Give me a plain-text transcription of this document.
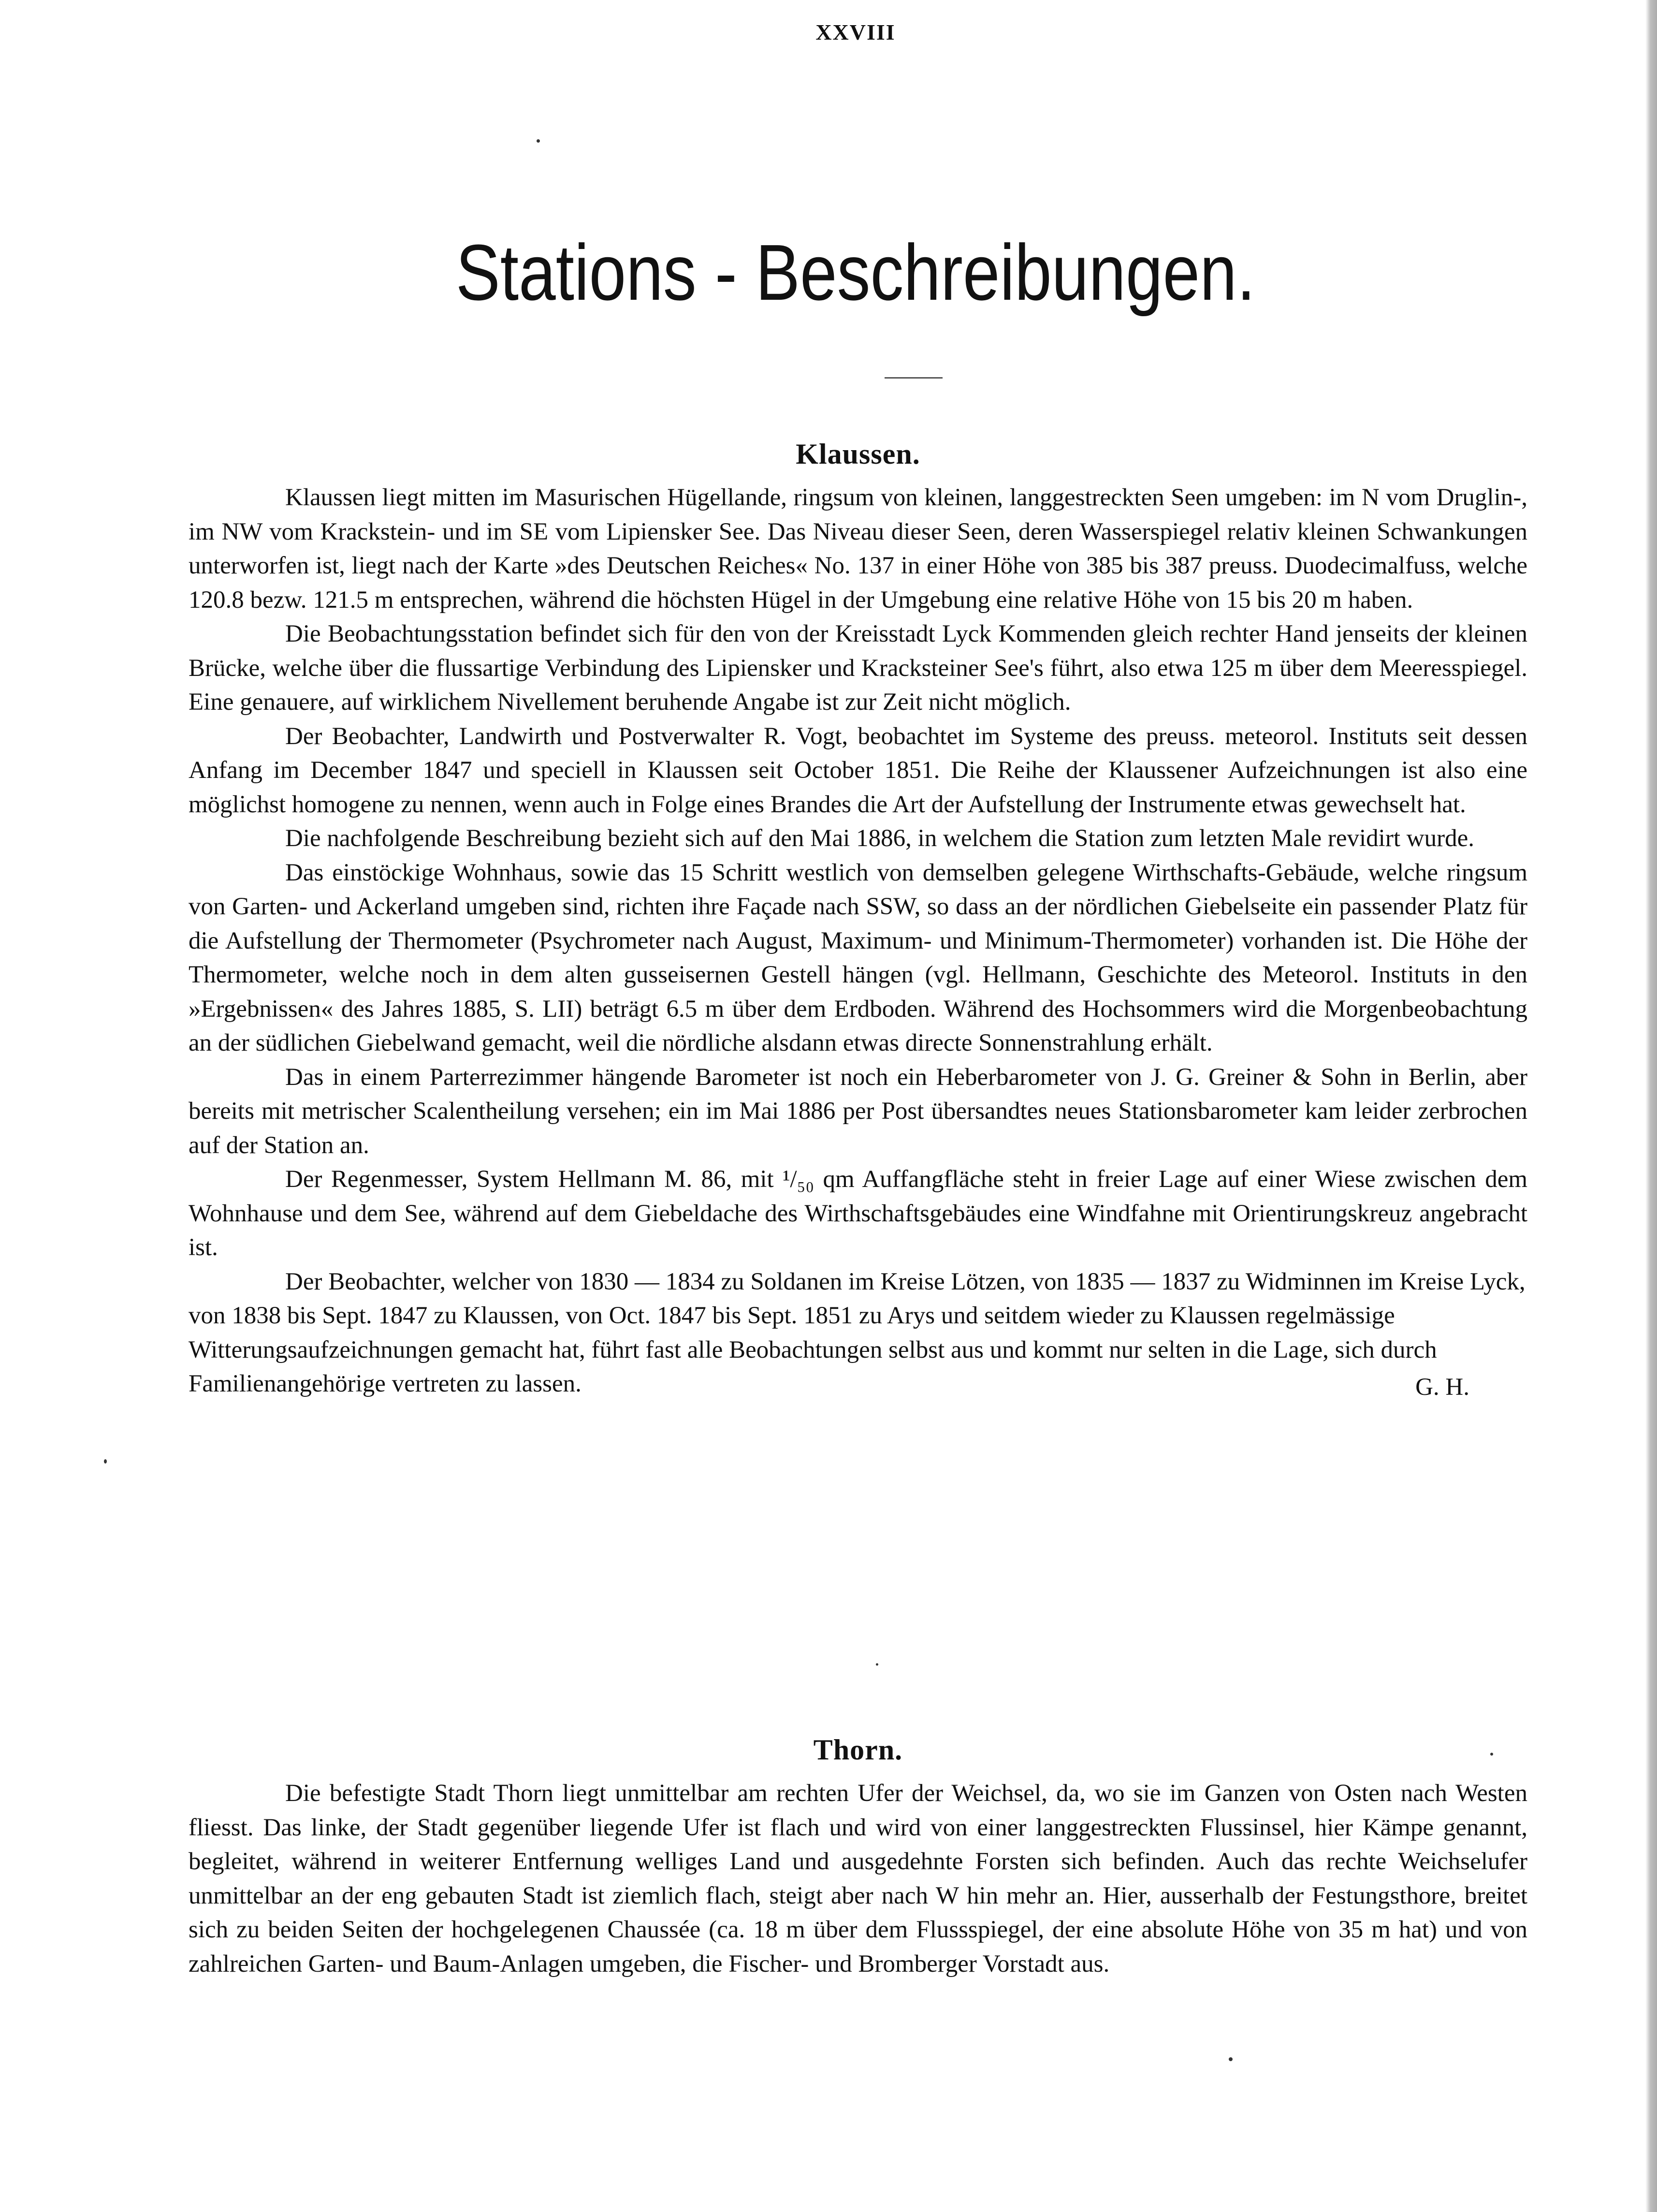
XXVIII
Stations - Beschreibungen.
Klaussen.

Klaussen liegt mitten im Masurischen Hügellande, ringsum von kleinen, langgestreckten Seen umgeben: im N vom Druglin-, im NW vom Krackstein- und im SE vom Lipiensker See. Das Niveau dieser Seen, deren Wasserspiegel relativ kleinen Schwankungen unterworfen ist, liegt nach der Karte »des Deutschen Reiches« No. 137 in einer Höhe von 385 bis 387 preuss. Duodecimalfuss, welche 120.8 bezw. 121.5 m entsprechen, während die höchsten Hügel in der Umgebung eine relative Höhe von 15 bis 20 m haben.

Die Beobachtungsstation befindet sich für den von der Kreisstadt Lyck Kommenden gleich rechter Hand jenseits der kleinen Brücke, welche über die flussartige Verbindung des Lipiensker und Kracksteiner See's führt, also etwa 125 m über dem Meeresspiegel. Eine genauere, auf wirklichem Nivellement beruhende Angabe ist zur Zeit nicht möglich.

Der Beobachter, Landwirth und Postverwalter R. Vogt, beobachtet im Systeme des preuss. meteorol. Instituts seit dessen Anfang im December 1847 und speciell in Klaussen seit October 1851. Die Reihe der Klaussener Aufzeichnungen ist also eine möglichst homogene zu nennen, wenn auch in Folge eines Brandes die Art der Aufstellung der Instrumente etwas gewechselt hat.

Die nachfolgende Beschreibung bezieht sich auf den Mai 1886, in welchem die Station zum letzten Male revidirt wurde.

Das einstöckige Wohnhaus, sowie das 15 Schritt westlich von demselben gelegene Wirthschafts-Gebäude, welche ringsum von Garten- und Ackerland umgeben sind, richten ihre Façade nach SSW, so dass an der nördlichen Giebelseite ein passender Platz für die Aufstellung der Thermometer (Psychrometer nach August, Maximum- und Minimum-Thermometer) vorhanden ist. Die Höhe der Thermometer, welche noch in dem alten gusseisernen Gestell hängen (vgl. Hellmann, Geschichte des Meteorol. Instituts in den »Ergebnissen« des Jahres 1885, S. LII) beträgt 6.5 m über dem Erdboden. Während des Hochsommers wird die Morgenbeobachtung an der südlichen Giebelwand gemacht, weil die nördliche alsdann etwas directe Sonnenstrahlung erhält.

Das in einem Parterrezimmer hängende Barometer ist noch ein Heberbarometer von J. G. Greiner & Sohn in Berlin, aber bereits mit metrischer Scalentheilung versehen; ein im Mai 1886 per Post übersandtes neues Stationsbarometer kam leider zerbrochen auf der Station an.

Der Regenmesser, System Hellmann M. 86, mit ¹/₅₀ qm Auffangfläche steht in freier Lage auf einer Wiese zwischen dem Wohnhause und dem See, während auf dem Giebeldache des Wirthschaftsgebäudes eine Windfahne mit Orientirungskreuz angebracht ist.

Der Beobachter, welcher von 1830 — 1834 zu Soldanen im Kreise Lötzen, von 1835 — 1837 zu Widminnen im Kreise Lyck, von 1838 bis Sept. 1847 zu Klaussen, von Oct. 1847 bis Sept. 1851 zu Arys und seitdem wieder zu Klaussen regelmässige Witterungsaufzeichnungen gemacht hat, führt fast alle Beobachtungen selbst aus und kommt nur selten in die Lage, sich durch Familienangehörige vertreten zu lassen.	G. H.
Thorn.

Die befestigte Stadt Thorn liegt unmittelbar am rechten Ufer der Weichsel, da, wo sie im Ganzen von Osten nach Westen fliesst. Das linke, der Stadt gegenüber liegende Ufer ist flach und wird von einer langgestreckten Flussinsel, hier Kämpe genannt, begleitet, während in weiterer Entfernung welliges Land und ausgedehnte Forsten sich befinden. Auch das rechte Weichselufer unmittelbar an der eng gebauten Stadt ist ziemlich flach, steigt aber nach W hin mehr an. Hier, ausserhalb der Festungsthore, breitet sich zu beiden Seiten der hochgelegenen Chaussée (ca. 18 m über dem Flussspiegel, der eine absolute Höhe von 35 m hat) und von zahlreichen Garten- und Baum-Anlagen umgeben, die Fischer- und Bromberger Vorstadt aus.
